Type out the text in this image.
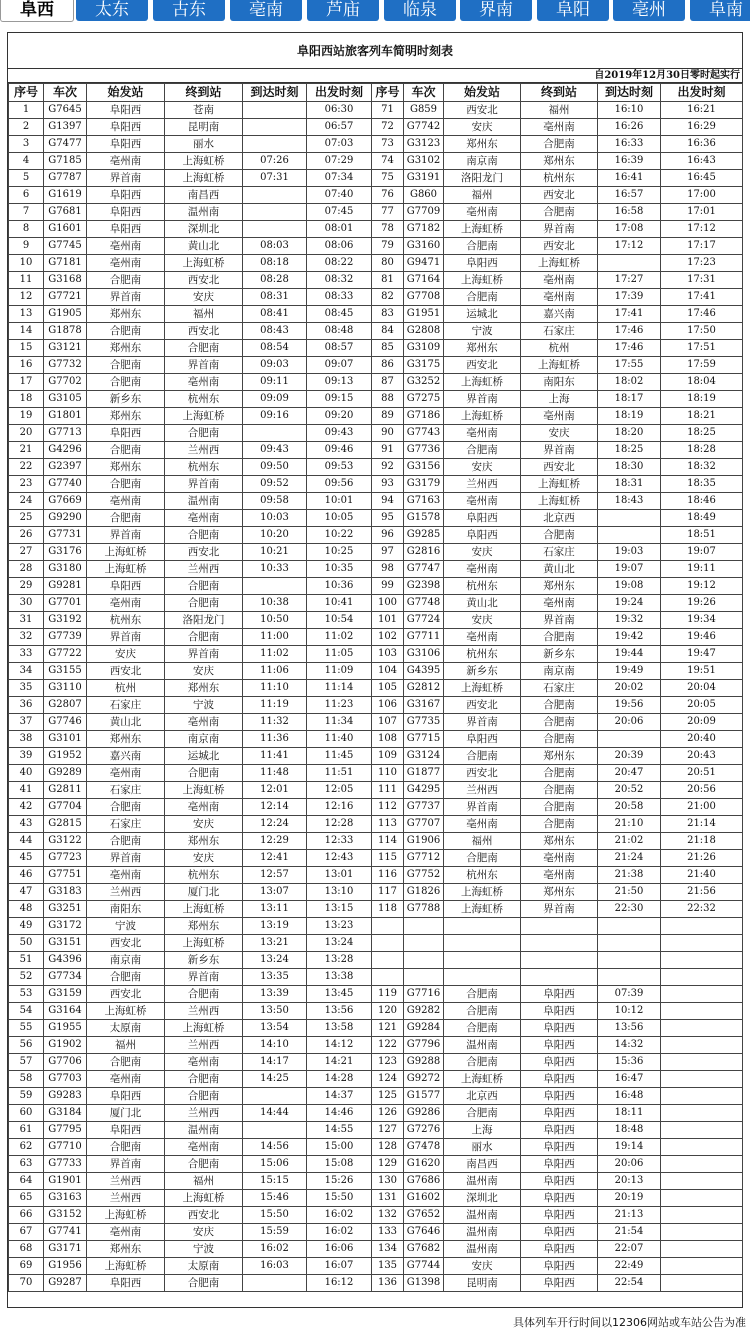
阜西	太东	古东	亳南	芦庙	临泉	界南	阜阳	亳州	阜南
阜阳西站旅客列车简明时刻表
自2019年12月30日零时起实行
序号	车次	始发站	终到站	到达时刻	出发时刻	序号	车次	始发站	终到站	到达时刻	出发时刻
1	G7645	阜阳西	苍南		06:30	71	G859	西安北	福州	16:10	16:21
2	G1397	阜阳西	昆明南		06:57	72	G7742	安庆	亳州南	16:26	16:29
3	G7477	阜阳西	丽水		07:03	73	G3123	郑州东	合肥南	16:33	16:36
4	G7185	亳州南	上海虹桥	07:26	07:29	74	G3102	南京南	郑州东	16:39	16:43
5	G7787	界首南	上海虹桥	07:31	07:34	75	G3191	洛阳龙门	杭州东	16:41	16:45
6	G1619	阜阳西	南昌西		07:40	76	G860	福州	西安北	16:57	17:00
7	G7681	阜阳西	温州南		07:45	77	G7709	亳州南	合肥南	16:58	17:01
8	G1601	阜阳西	深圳北		08:01	78	G7182	上海虹桥	界首南	17:08	17:12
9	G7745	亳州南	黄山北	08:03	08:06	79	G3160	合肥南	西安北	17:12	17:17
10	G7181	亳州南	上海虹桥	08:18	08:22	80	G9471	阜阳西	上海虹桥		17:23
11	G3168	合肥南	西安北	08:28	08:32	81	G7164	上海虹桥	亳州南	17:27	17:31
12	G7721	界首南	安庆	08:31	08:33	82	G7708	合肥南	亳州南	17:39	17:41
13	G1905	郑州东	福州	08:41	08:45	83	G1951	运城北	嘉兴南	17:41	17:46
14	G1878	合肥南	西安北	08:43	08:48	84	G2808	宁波	石家庄	17:46	17:50
15	G3121	郑州东	合肥南	08:54	08:57	85	G3109	郑州东	杭州	17:46	17:51
16	G7732	合肥南	界首南	09:03	09:07	86	G3175	西安北	上海虹桥	17:55	17:59
17	G7702	合肥南	亳州南	09:11	09:13	87	G3252	上海虹桥	南阳东	18:02	18:04
18	G3105	新乡东	杭州东	09:09	09:15	88	G7275	界首南	上海	18:17	18:19
19	G1801	郑州东	上海虹桥	09:16	09:20	89	G7186	上海虹桥	亳州南	18:19	18:21
20	G7713	阜阳西	合肥南		09:43	90	G7743	亳州南	安庆	18:20	18:25
21	G4296	合肥南	兰州西	09:43	09:46	91	G7736	合肥南	界首南	18:25	18:28
22	G2397	郑州东	杭州东	09:50	09:53	92	G3156	安庆	西安北	18:30	18:32
23	G7740	合肥南	界首南	09:52	09:56	93	G3179	兰州西	上海虹桥	18:31	18:35
24	G7669	亳州南	温州南	09:58	10:01	94	G7163	亳州南	上海虹桥	18:43	18:46
25	G9290	合肥南	亳州南	10:03	10:05	95	G1578	阜阳西	北京西		18:49
26	G7731	界首南	合肥南	10:20	10:22	96	G9285	阜阳西	合肥南		18:51
27	G3176	上海虹桥	西安北	10:21	10:25	97	G2816	安庆	石家庄	19:03	19:07
28	G3180	上海虹桥	兰州西	10:33	10:35	98	G7747	亳州南	黄山北	19:07	19:11
29	G9281	阜阳西	合肥南		10:36	99	G2398	杭州东	郑州东	19:08	19:12
30	G7701	亳州南	合肥南	10:38	10:41	100	G7748	黄山北	亳州南	19:24	19:26
31	G3192	杭州东	洛阳龙门	10:50	10:54	101	G7724	安庆	界首南	19:32	19:34
32	G7739	界首南	合肥南	11:00	11:02	102	G7711	亳州南	合肥南	19:42	19:46
33	G7722	安庆	界首南	11:02	11:05	103	G3106	杭州东	新乡东	19:44	19:47
34	G3155	西安北	安庆	11:06	11:09	104	G4395	新乡东	南京南	19:49	19:51
35	G3110	杭州	郑州东	11:10	11:14	105	G2812	上海虹桥	石家庄	20:02	20:04
36	G2807	石家庄	宁波	11:19	11:23	106	G3167	西安北	合肥南	19:56	20:05
37	G7746	黄山北	亳州南	11:32	11:34	107	G7735	界首南	合肥南	20:06	20:09
38	G3101	郑州东	南京南	11:36	11:40	108	G7715	阜阳西	合肥南		20:40
39	G1952	嘉兴南	运城北	11:41	11:45	109	G3124	合肥南	郑州东	20:39	20:43
40	G9289	亳州南	合肥南	11:48	11:51	110	G1877	西安北	合肥南	20:47	20:51
41	G2811	石家庄	上海虹桥	12:01	12:05	111	G4295	兰州西	合肥南	20:52	20:56
42	G7704	合肥南	亳州南	12:14	12:16	112	G7737	界首南	合肥南	20:58	21:00
43	G2815	石家庄	安庆	12:24	12:28	113	G7707	亳州南	合肥南	21:10	21:14
44	G3122	合肥南	郑州东	12:29	12:33	114	G1906	福州	郑州东	21:02	21:18
45	G7723	界首南	安庆	12:41	12:43	115	G7712	合肥南	亳州南	21:24	21:26
46	G7751	亳州南	杭州东	12:57	13:01	116	G7752	杭州东	亳州南	21:38	21:40
47	G3183	兰州西	厦门北	13:07	13:10	117	G1826	上海虹桥	郑州东	21:50	21:56
48	G3251	南阳东	上海虹桥	13:11	13:15	118	G7788	上海虹桥	界首南	22:30	22:32
49	G3172	宁波	郑州东	13:19	13:23						
50	G3151	西安北	上海虹桥	13:21	13:24						
51	G4396	南京南	新乡东	13:24	13:28						
52	G7734	合肥南	界首南	13:35	13:38						
53	G3159	西安北	合肥南	13:39	13:45	119	G7716	合肥南	阜阳西	07:39	
54	G3164	上海虹桥	兰州西	13:50	13:56	120	G9282	合肥南	阜阳西	10:12	
55	G1955	太原南	上海虹桥	13:54	13:58	121	G9284	合肥南	阜阳西	13:56	
56	G1902	福州	兰州西	14:10	14:12	122	G7796	温州南	阜阳西	14:32	
57	G7706	合肥南	亳州南	14:17	14:21	123	G9288	合肥南	阜阳西	15:36	
58	G7703	亳州南	合肥南	14:25	14:28	124	G9272	上海虹桥	阜阳西	16:47	
59	G9283	阜阳西	合肥南		14:37	125	G1577	北京西	阜阳西	16:48	
60	G3184	厦门北	兰州西	14:44	14:46	126	G9286	合肥南	阜阳西	18:11	
61	G7795	阜阳西	温州南		14:55	127	G7276	上海	阜阳西	18:48	
62	G7710	合肥南	亳州南	14:56	15:00	128	G7478	丽水	阜阳西	19:14	
63	G7733	界首南	合肥南	15:06	15:08	129	G1620	南昌西	阜阳西	20:06	
64	G1901	兰州西	福州	15:15	15:26	130	G7686	温州南	阜阳西	20:13	
65	G3163	兰州西	上海虹桥	15:46	15:50	131	G1602	深圳北	阜阳西	20:19	
66	G3152	上海虹桥	西安北	15:50	16:02	132	G7652	温州南	阜阳西	21:13	
67	G7741	亳州南	安庆	15:59	16:02	133	G7646	温州南	阜阳西	21:54	
68	G3171	郑州东	宁波	16:02	16:06	134	G7682	温州南	阜阳西	22:07	
69	G1956	上海虹桥	太原南	16:03	16:07	135	G7744	安庆	阜阳西	22:49	
70	G9287	阜阳西	合肥南		16:12	136	G1398	昆明南	阜阳西	22:54	
具体列车开行时间以12306网站或车站公告为准
